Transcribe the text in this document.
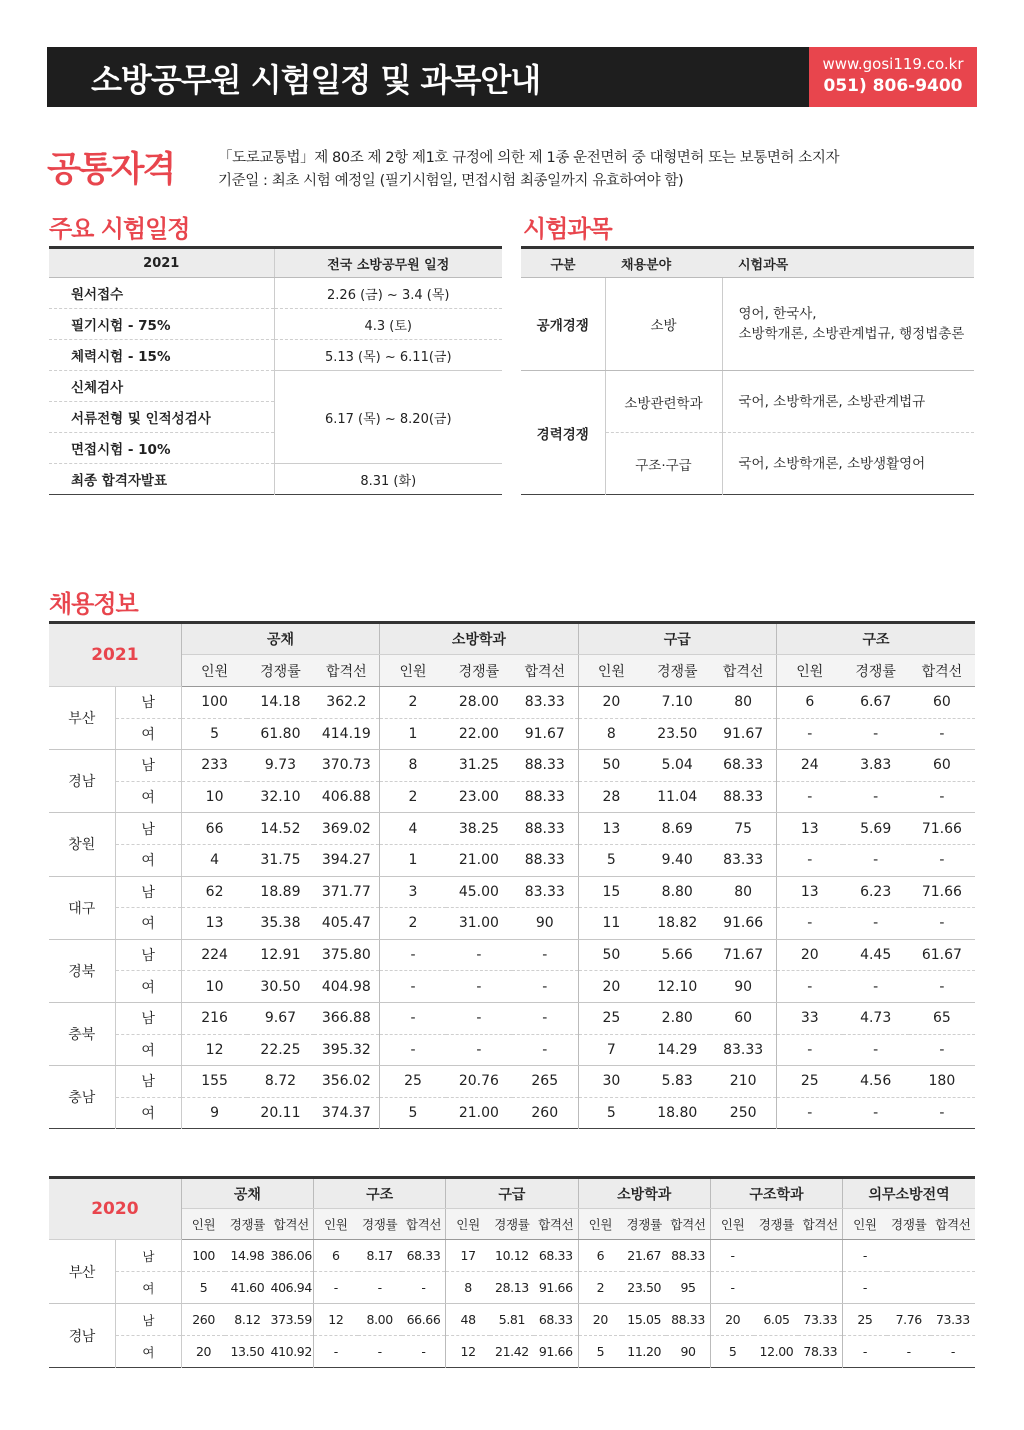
소방공무원 시험일정 및 과목안내	www.gosi119.co.kr
051) 806-9400
공통자격	「도로교통법」제 80조 제 2항 제1호 규정에 의한 제 1종 운전면허 중 대형면허 또는 보통면허 소지자
기준일 : 최초 시험 예정일 (필기시험일, 면접시험 최종일까지 유효하여야 함)
주요 시험일정
2021	전국 소방공무원 일정
원서접수	2.26 (금) ~ 3.4 (목)
필기시험 - 75%	4.3 (토)
체력시험 - 15%	5.13 (목) ~ 6.11(금)
신체검사	6.17 (목) ~ 8.20(금)
서류전형 및 인적성검사	
면접시험 - 10%	
최종 합격자발표	8.31 (화)
시험과목
구분	채용분야	시험과목
공개경쟁	소방	영어, 한국사,
소방학개론, 소방관계법규, 행정법총론

경력경쟁	소방관련학과	국어, 소방학개론, 소방관계법규
	구조·구급	국어, 소방학개론, 소방생활영어
채용정보
2021		공채			소방학과			구급			구조		
		인원	경쟁률	합격선	인원	경쟁률	합격선	인원	경쟁률	합격선	인원	경쟁률	합격선
부산	남	100	14.18	362.2	2	28.00	83.33	20	7.10	80	6	6.67	60
	여	5	61.80	414.19	1	22.00	91.67	8	23.50	91.67	-	-	-
경남	남	233	9.73	370.73	8	31.25	88.33	50	5.04	68.33	24	3.83	60
	여	10	32.10	406.88	2	23.00	88.33	28	11.04	88.33	-	-	-
창원	남	66	14.52	369.02	4	38.25	88.33	13	8.69	75	13	5.69	71.66
	여	4	31.75	394.27	1	21.00	88.33	5	9.40	83.33	-	-	-
대구	남	62	18.89	371.77	3	45.00	83.33	15	8.80	80	13	6.23	71.66
	여	13	35.38	405.47	2	31.00	90	11	18.82	91.66	-	-	-
경북	남	224	12.91	375.80	-	-	-	50	5.66	71.67	20	4.45	61.67
	여	10	30.50	404.98	-	-	-	20	12.10	90	-	-	-
충북	남	216	9.67	366.88	-	-	-	25	2.80	60	33	4.73	65
	여	12	22.25	395.32	-	-	-	7	14.29	83.33	-	-	-
충남	남	155	8.72	356.02	25	20.76	265	30	5.83	210	25	4.56	180
	여	9	20.11	374.37	5	21.00	260	5	18.80	250	-	-	-
2020		공채			구조			구급			소방학과			구조학과			의무소방전역		
		인원	경쟁률	합격선	인원	경쟁률	합격선	인원	경쟁률	합격선	인원	경쟁률	합격선	인원	경쟁률	합격선	인원	경쟁률	합격선
부산	남	100	14.98	386.06	6	8.17	68.33	17	10.12	68.33	6	21.67	88.33	-			-		
	여	5	41.60	406.94	-	-	-	8	28.13	91.66	2	23.50	95	-			-		
경남	남	260	8.12	373.59	12	8.00	66.66	48	5.81	68.33	20	15.05	88.33	20	6.05	73.33	25	7.76	73.33
	여	20	13.50	410.92	-	-	-	12	21.42	91.66	5	11.20	90	5	12.00	78.33	-	-	-
